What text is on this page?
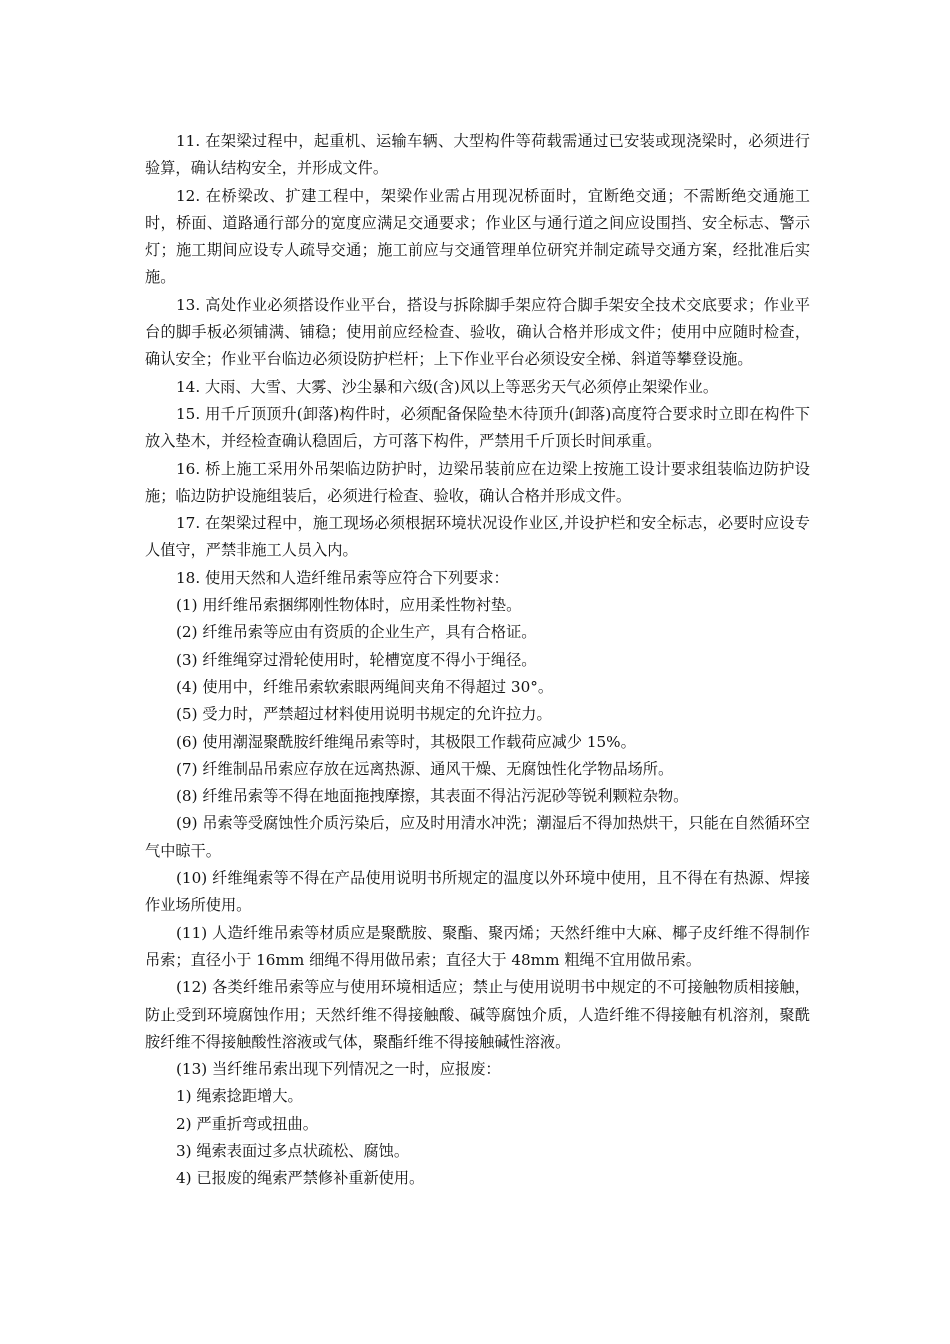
11. 在架梁过程中，起重机、运输车辆、大型构件等荷载需通过已安装或现浇梁时，必须进行验算，确认结构安全，并形成文件。

12. 在桥梁改、扩建工程中，架梁作业需占用现况桥面时，宜断绝交通；不需断绝交通施工时，桥面、道路通行部分的宽度应满足交通要求；作业区与通行道之间应设围挡、安全标志、警示灯；施工期间应设专人疏导交通；施工前应与交通管理单位研究并制定疏导交通方案，经批准后实施。

13. 高处作业必须搭设作业平台，搭设与拆除脚手架应符合脚手架安全技术交底要求；作业平台的脚手板必须铺满、铺稳；使用前应经检查、验收，确认合格并形成文件；使用中应随时检查，确认安全；作业平台临边必须设防护栏杆；上下作业平台必须设安全梯、斜道等攀登设施。

14. 大雨、大雪、大雾、沙尘暴和六级(含)风以上等恶劣天气必须停止架梁作业。

15. 用千斤顶顶升(卸落)构件时，必须配备保险垫木待顶升(卸落)高度符合要求时立即在构件下放入垫木，并经检查确认稳固后，方可落下构件，严禁用千斤顶长时间承重。

16. 桥上施工采用外吊架临边防护时，边梁吊装前应在边梁上按施工设计要求组装临边防护设施；临边防护设施组装后，必须进行检查、验收，确认合格并形成文件。

17. 在架梁过程中，施工现场必须根据环境状况设作业区,并设护栏和安全标志，必要时应设专人值守，严禁非施工人员入内。

18. 使用天然和人造纤维吊索等应符合下列要求：

(1) 用纤维吊索捆绑刚性物体时，应用柔性物衬垫。

(2) 纤维吊索等应由有资质的企业生产，具有合格证。

(3) 纤维绳穿过滑轮使用时，轮槽宽度不得小于绳径。

(4) 使用中，纤维吊索软索眼两绳间夹角不得超过 30°。

(5) 受力时，严禁超过材料使用说明书规定的允许拉力。

(6) 使用潮湿聚酰胺纤维绳吊索等时，其极限工作载荷应减少 15%。

(7) 纤维制品吊索应存放在远离热源、通风干燥、无腐蚀性化学物品场所。

(8) 纤维吊索等不得在地面拖拽摩擦，其表面不得沾污泥砂等锐利颗粒杂物。

(9) 吊索等受腐蚀性介质污染后，应及时用清水冲洗；潮湿后不得加热烘干，只能在自然循环空气中晾干。

(10) 纤维绳索等不得在产品使用说明书所规定的温度以外环境中使用，且不得在有热源、焊接作业场所使用。

(11) 人造纤维吊索等材质应是聚酰胺、聚酯、聚丙烯；天然纤维中大麻、椰子皮纤维不得制作吊索；直径小于 16mm 细绳不得用做吊索；直径大于 48mm 粗绳不宜用做吊索。

(12) 各类纤维吊索等应与使用环境相适应；禁止与使用说明书中规定的不可接触物质相接触，防止受到环境腐蚀作用；天然纤维不得接触酸、碱等腐蚀介质，人造纤维不得接触有机溶剂，聚酰胺纤维不得接触酸性溶液或气体，聚酯纤维不得接触碱性溶液。

(13) 当纤维吊索出现下列情况之一时，应报废：

1) 绳索捻距增大。

2) 严重折弯或扭曲。

3) 绳索表面过多点状疏松、腐蚀。

4) 已报废的绳索严禁修补重新使用。
